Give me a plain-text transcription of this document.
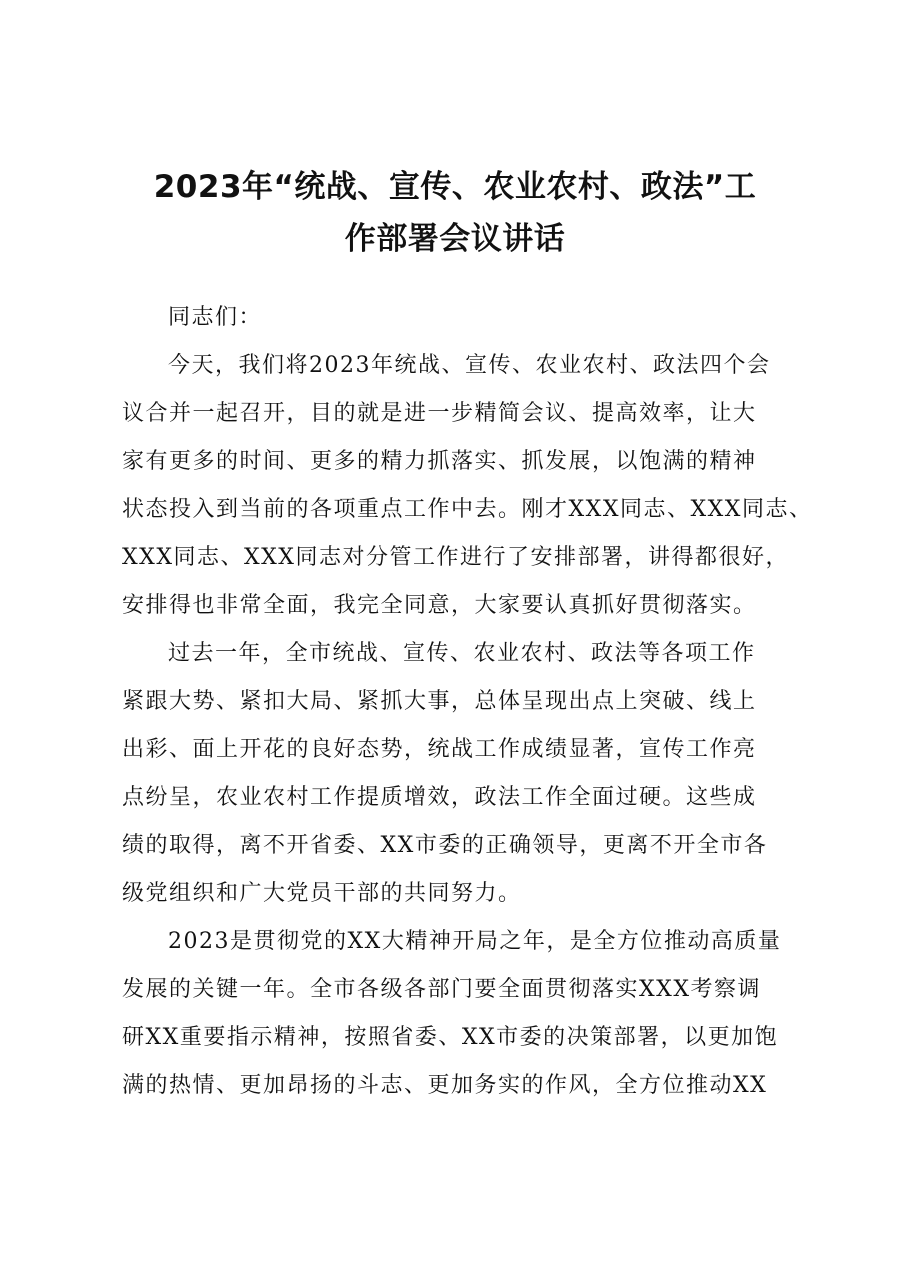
2023年“统战、宣传、农业农村、政法”工
作部署会议讲话

同志们：

今天，我们将2023年统战、宣传、农业农村、政法四个会

议合并一起召开，目的就是进一步精简会议、提高效率，让大

家有更多的时间、更多的精力抓落实、抓发展，以饱满的精神

状态投入到当前的各项重点工作中去。刚才XXX同志、XXX同志、

XXX同志、XXX同志对分管工作进行了安排部署，讲得都很好，

安排得也非常全面，我完全同意，大家要认真抓好贯彻落实。

过去一年，全市统战、宣传、农业农村、政法等各项工作

紧跟大势、紧扣大局、紧抓大事，总体呈现出点上突破、线上

出彩、面上开花的良好态势，统战工作成绩显著，宣传工作亮

点纷呈，农业农村工作提质增效，政法工作全面过硬。这些成

绩的取得，离不开省委、XX市委的正确领导，更离不开全市各

级党组织和广大党员干部的共同努力。

2023是贯彻党的XX大精神开局之年，是全方位推动高质量

发展的关键一年。全市各级各部门要全面贯彻落实XXX考察调

研XX重要指示精神，按照省委、XX市委的决策部署，以更加饱

满的热情、更加昂扬的斗志、更加务实的作风，全方位推动XX
